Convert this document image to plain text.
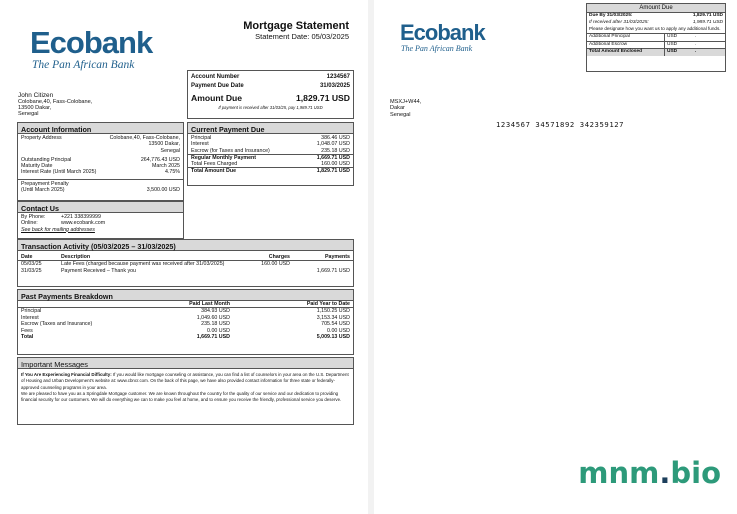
Ecobank
The Pan African Bank
Mortgage Statement
Statement Date: 05/03/2025
Account Number	1234567
Payment Due Date	31/03/2025
Amount Due	1,829.71 USD
If payment is received after 31/03/25, pay 1,989.71 USD
John Citizen
Colobane,40, Fass-Colobane,
13500 Dakar,
Senegal
Account Information
Property Address	Colobane,40, Fass-Colobane,
13500 Dakar,
Senegal
Outstanding Principal	264,776.43 USD
Maturity Date	March 2025
Interest Rate (Until March 2025)	4.75%
Prepayment Penalty
(Until March 2025)	3,500.00 USD
Contact Us
By Phone:	+221 338399999
Online:	www.ecobank.com
See back for mailing addresses
Current Payment Due
Principal	386.46 USD
Interest	1,048.07 USD
Escrow (for Taxes and Insurance)	235.18 USD
Regular Monthly Payment	1,669.71 USD
Total Fees Charged	160.00 USD
Total Amount Due	1,829.71 USD
Transaction Activity (05/03/2025 – 31/03/2025)
Date	Description	Charges	Payments
05/03/25	Late Fees (charged because payment was received after 31/03/2025)	160.00 USD	
31/03/25	Payment Received – Thank you		1,669.71 USD
Past Payments Breakdown
	Paid Last Month	Paid Year to Date
Principal	384.93 USD	1,150.25 USD
Interest	1,049.60 USD	3,153.34 USD
Escrow (Taxes and Insurance)	235.18 USD	705.54 USD
Fees	0.00 USD	0.00 USD
Total	1,669.71 USD	5,009.13 USD
Important Messages
If You Are Experiencing Financial Difficulty: If you would like mortgage counseling or assistance, you can find a list of counselors in your area on the U.S. Department of Housing and Urban Development's website at: www.cbncr.com. On the back of this page, we have also provided contact information for three state or federally-approved counseling programs in your area.
We are pleased to have you as a Springdale Mortgage customer. We are known throughout the country for the quality of our service and our dedication to providing financial security for our customers. We will do everything we can to make you feel at home, and to ensure you receive the friendly, professional service you deserve.
Ecobank
The Pan African Bank
Amount Due
Due By 31/03/2025:	1,829.71 USD
If received after 31/03/2025:	1,989.71 USD
Please designate how you want us to apply any additional funds.
Additional Principal	USD	.
Additional Escrow	USD	.
Total Amount Enclosed	USD	.
MSXJ+W44,
Dakar
Senegal
1234567 34571892 342359127
mnm.bio
